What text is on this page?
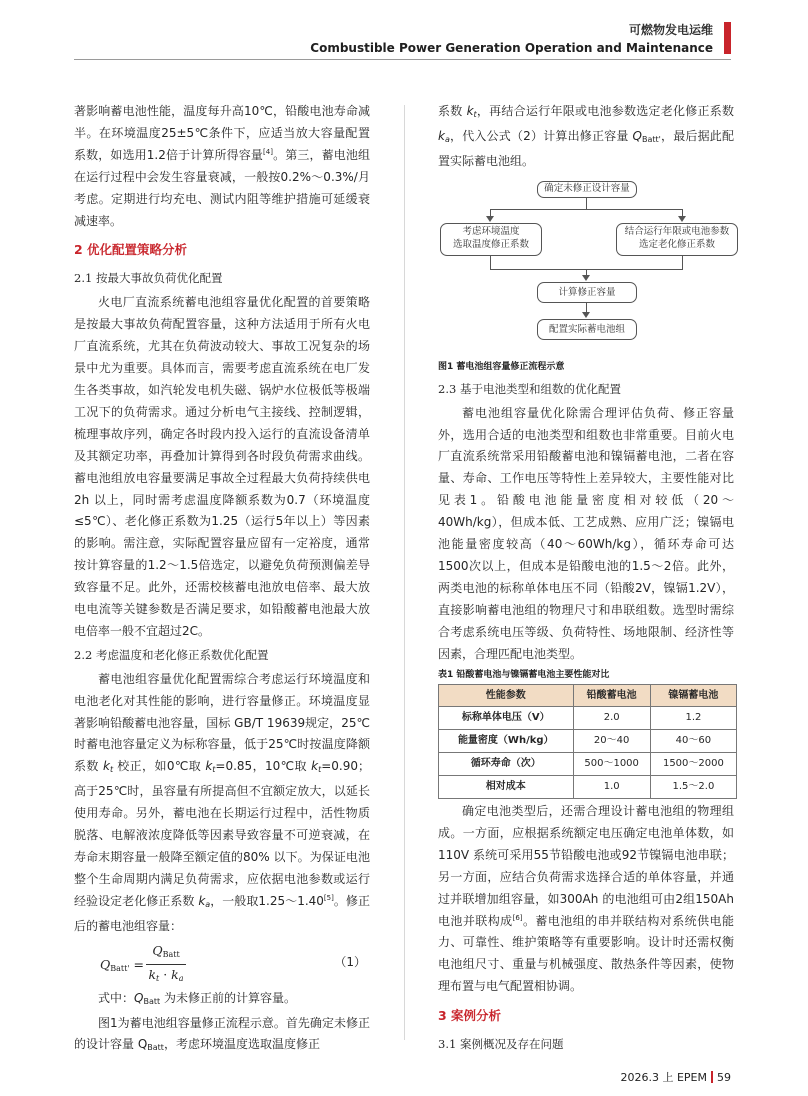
可燃物发电运维
Combustible Power Generation Operation and Maintenance

著影响蓄电池性能，温度每升高10℃，铅酸电池寿命减半。在环境温度25±5℃条件下，应适当放大容量配置系数，如选用1.2倍于计算所得容量[4]。第三，蓄电池组在运行过程中会发生容量衰减，一般按0.2%～0.3%/月考虑。定期进行均充电、测试内阻等维护措施可延缓衰减速率。

2 优化配置策略分析
2.1 按最大事故负荷优化配置

火电厂直流系统蓄电池组容量优化配置的首要策略是按最大事故负荷配置容量，这种方法适用于所有火电厂直流系统，尤其在负荷波动较大、事故工况复杂的场景中尤为重要。具体而言，需要考虑直流系统在电厂发生各类事故，如汽轮发电机失磁、锅炉水位极低等极端工况下的负荷需求。通过分析电气主接线、控制逻辑，梳理事故序列，确定各时段内投入运行的直流设备清单及其额定功率，再叠加计算得到各时段负荷需求曲线。蓄电池组放电容量要满足事故全过程最大负荷持续供电2h 以上，同时需考虑温度降额系数为0.7（环境温度≤5℃）、老化修正系数为1.25（运行5年以上）等因素的影响。需注意，实际配置容量应留有一定裕度，通常按计算容量的1.2～1.5倍选定，以避免负荷预测偏差导致容量不足。此外，还需校核蓄电池放电倍率、最大放电电流等关键参数是否满足要求，如铅酸蓄电池最大放电倍率一般不宜超过2C。

2.2 考虑温度和老化修正系数优化配置

蓄电池组容量优化配置需综合考虑运行环境温度和电池老化对其性能的影响，进行容量修正。环境温度显著影响铅酸蓄电池容量，国标 GB/T 19639规定，25℃时蓄电池容量定义为标称容量，低于25℃时按温度降额系数 $k_t$ 校正，如0℃取 $k_t=0.85$，10℃取 $k_t=0.90$；高于25℃时，虽容量有所提高但不宜额定放大，以延长使用寿命。另外，蓄电池在长期运行过程中，活性物质脱落、电解液浓度降低等因素导致容量不可逆衰减，在寿命末期容量一般降至额定值的80% 以下。为保证电池整个生命周期内满足负荷需求，应依据电池参数或运行经验设定老化修正系数 $k_a$，一般取1.25～1.40[5]。修正后的蓄电池组容量：

$Q_{Batt'}$ =
$Q_{Batt}$
$k_t \cdot k_a$
（1）

式中：$Q_{Batt}$ 为未修正前的计算容量。

图1为蓄电池组容量修正流程示意。首先确定未修正的设计容量 $Q_{Batt}$，考虑环境温度选取温度修正

系数 $k_t$，再结合运行年限或电池参数选定老化修正系数 $k_a$，代入公式（2）计算出修正容量 $Q_{Batt'}$，最后据此配置实际蓄电池组。

确定未修正设计容量
考虑环境温度
选取温度修正系数
结合运行年限或电池参数
选定老化修正系数
计算修正容量
配置实际蓄电池组
图1 蓄电池组容量修正流程示意
2.3 基于电池类型和组数的优化配置

蓄电池组容量优化除需合理评估负荷、修正容量外，选用合适的电池类型和组数也非常重要。目前火电厂直流系统常采用铅酸蓄电池和镍镉蓄电池，二者在容量、寿命、工作电压等特性上差异较大，主要性能对比见表1。铅酸电池能量密度相对较低（20～40Wh/kg），但成本低、工艺成熟、应用广泛；镍镉电池能量密度较高（40～60Wh/kg），循环寿命可达1500次以上，但成本是铅酸电池的1.5～2倍。此外，两类电池的标称单体电压不同（铅酸2V，镍镉1.2V），直接影响蓄电池组的物理尺寸和串联组数。选型时需综合考虑系统电压等级、负荷特性、场地限制、经济性等因素，合理匹配电池类型。

表1 铅酸蓄电池与镍镉蓄电池主要性能对比
性能参数	铅酸蓄电池	镍镉蓄电池
标称单体电压（V）	2.0	1.2
能量密度（Wh/kg）	20～40	40～60
循环寿命（次）	500～1000	1500～2000
相对成本	1.0	1.5～2.0

确定电池类型后，还需合理设计蓄电池组的物理组成。一方面，应根据系统额定电压确定电池单体数，如110V 系统可采用55节铅酸电池或92节镍镉电池串联；另一方面，应结合负荷需求选择合适的单体容量，并通过并联增加组容量，如300Ah 的电池组可由2组150Ah 电池并联构成[6]。蓄电池组的串并联结构对系统供电能力、可靠性、维护策略等有重要影响。设计时还需权衡电池组尺寸、重量与机械强度、散热条件等因素，使物理布置与电气配置相协调。

3 案例分析
3.1 案例概况及存在问题
2026.3 上 EPEM 59
